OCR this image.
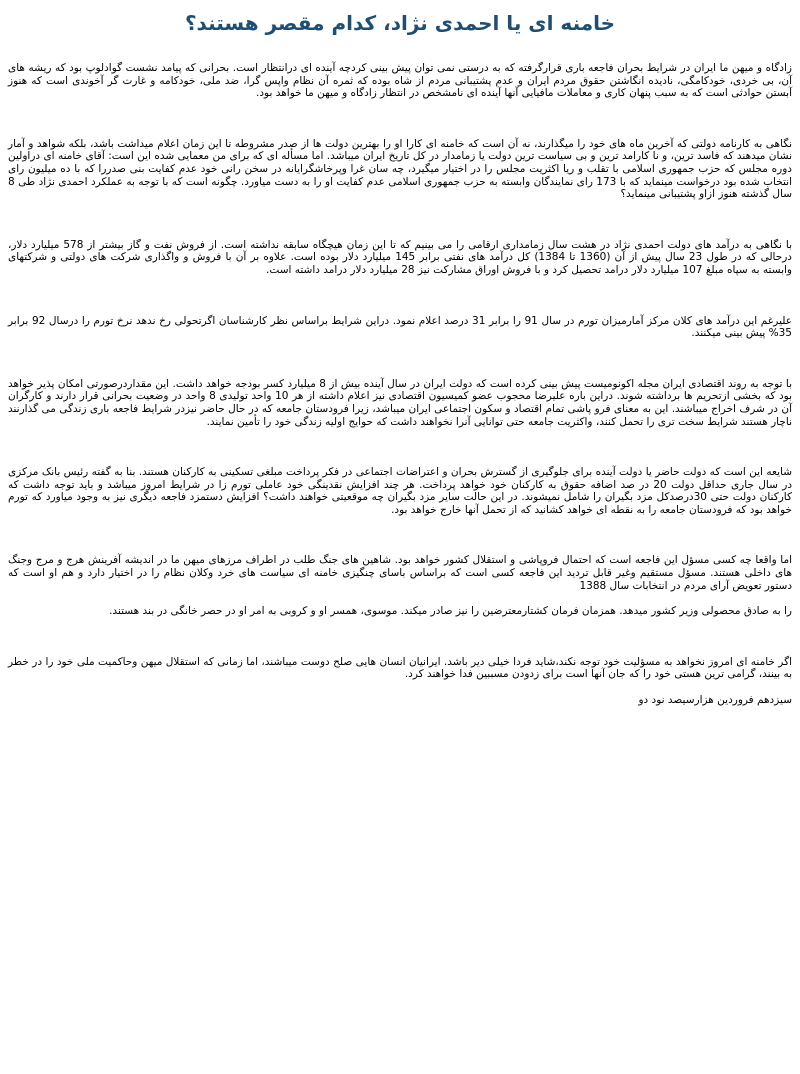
خامنه ای یا احمدی نژاد، کدام مقصر هستند؟

زادگاه و میهن ما ایران در شرایط بحران فاجعه باری قرارگرفته که به درستی نمی توان پیش بینی کردچه آینده ای درانتظار است. بحرانی که پیامد نشست گوادلوپ بود که ریشه های آن، بی خردی، خودکامگی، نادیده انگاشتن حقوق مردم ایران و عدم پشتیبانی مردم از شاه بوده که ثمره آن نظام واپس گرا، ضد ملی، خودکامه و غارت گر آخوندی است که هنوز آبستن حوادثی است که به سبب پنهان کاری و معاملات مافیایی آنها آینده ای نامشخص در انتظار زادگاه و میهن ما خواهد بود.

نگاهی به کارنامه دولتی که آخرین ماه های خود را میگذارند، نه آن است که خامنه ای کارا او را بهترین دولت ها از صدر مشروطه تا این زمان اعلام میداشت باشد، بلکه شواهد و آمار نشان میدهند که فاسد ترین، و نا کارامد ترین و بی سیاست ترین دولت یا زمامدار در کل تاریخ ایران میباشد. اما مسأله ای که برای من معمایی شده این است: آقای خامنه ای دراولین دوره مجلس که حزب جمهوری اسلامی با تقلب و ریا اکثریت مجلس را در اختیار میگیرد، چه سان غرا وپرخاشگرایانه در سخن رانی خود عدم کفایت بنی صدررا که با ده میلیون رای انتخاب شده بود درخواست مینماید که با 173 رای نمایندگان وابسته به حزب جمهوری اسلامی عدم کفایت او را به دست میاورد. چگونه است که با توجه به عملکرد احمدی نژاد طی 8 سال گذشته هنوز ازاو پشتیبانی مینماید؟

با نگاهی به درآمد های دولت احمدی نژاد در هشت سال زمامداری ارقامی را می بینیم که تا این زمان هیچگاه سابقه نداشته است. از فروش نفت و گاز بیشتر از 578 میلیارد دلار، درحالی که در طول 23 سال پیش از آن (1360 تا 1384) کل درآمد های نفتی برابر 145 میلیارد دلار بوده است. علاوه بر آن با فروش و واگذاری شرکت های دولتی و شرکتهای وابسته به سپاه مبلغ 107 میلیارد دلار درامد تحصیل کرد و با فروش اوراق مشارکت نیز 28 میلیارد دلار درامد داشته است.

علیرغم این درآمد های کلان مرکز آمارمیزان تورم در سال 91 را برابر 31 درصد اعلام نمود. دراین شرایط براساس نظر کارشناسان اگرتحولی رخ ندهد نرخ تورم را درسال 92 برابر 35% پیش بینی میکنند.

با توجه به روند اقتصادی ایران مجله اکونومیست پیش بینی کرده است که دولت ایران در سال آینده بیش از 8 میلیارد کسر بودجه خواهد داشت. این مقداردرصورتی امکان پذیر خواهد بود که بخشی ازتحریم ها برداشته شوند. دراین باره علیرضا محجوب عضو کمیسیون اقتصادی نیز اعلام داشته از هر 10 واحد تولیدی 8 واحد در وضعیت بحرانی قرار دارند و کارگران آن در شرف اخراج میباشند. این به معنای فرو پاشی تمام اقتصاد و سکون اجتماعی ایران میباشد، زیرا فرودستان جامعه که در حال حاضر نیزدر شرایط فاجعه باری زندگی می گذارنند ناچار هستند شرایط سخت تری را تحمل کنند، واکثریت جامعه حتی توانایی آنرا نخواهند داشت که حوایج اولیه زندگی خود را تأمین نمایند.

شایعه این است که دولت حاضر یا دولت آینده برای جلوگیری از گسترش بحران و اعتراضات اجتماعی در فکر پرداخت مبلغی تسکینی به کارکنان هستند. بنا به گفته رئیس بانک مرکزی در سال جاری حداقل دولت 20 در صد اضافه حقوق به کارکنان خود خواهد پرداخت. هر چند افزایش نقدینگی خود عاملی تورم زا در شرایط امروز میباشد و باید توجه داشت که کارکنان دولت حتی 30درصدکل مزد بگیران را شامل نمیشوند. در این حالت سایر مزد بگیران چه موقعیتی خواهند داشت؟ افزایش دستمزد فاجعه دیگری نیز به وجود میاورد که تورم خواهد بود که فرودستان جامعه را به نقطه ای خواهد کشانید که از تحمل آنها خارج خواهد بود.

اما واقعا چه کسی مسؤل این فاجعه است که احتمال فروپاشی و استقلال کشور خواهد بود. شاهین های جنگ طلب در اطراف مرزهای میهن ما در اندیشه آفرینش هرج و مرج وجنگ های داخلی هستند. مسؤل مستقیم وغیر قابل تردید این فاجعه کسی است که براساس باسای چنگیزی خامنه ای سیاست های خرد وکلان نظام را در اختیار دارد و هم او است که دستور تعویض آرای مردم در انتخابات سال 1388

را به صادق محصولی وزیر کشور میدهد. همزمان فرمان کشتارمعترضین را نیز صادر میکند. موسوی، همسر او و کروبی به امر او در حصر خانگی در بند هستند.

اگر خامنه ای امروز نخواهد به مسؤلیت خود توجه نکند،شاید فردا خیلی دیر باشد. ایرانیان انسان هایی صلح دوست میباشند، اما زمانی که استقلال میهن وحاکمیت ملی خود را در خطر به بینند، گرامی ترین هستی خود را که جان آنها است برای زدودن مسببین فدا خواهند کرد.

سیزدهم فروردین هزارسیصد نود دو
